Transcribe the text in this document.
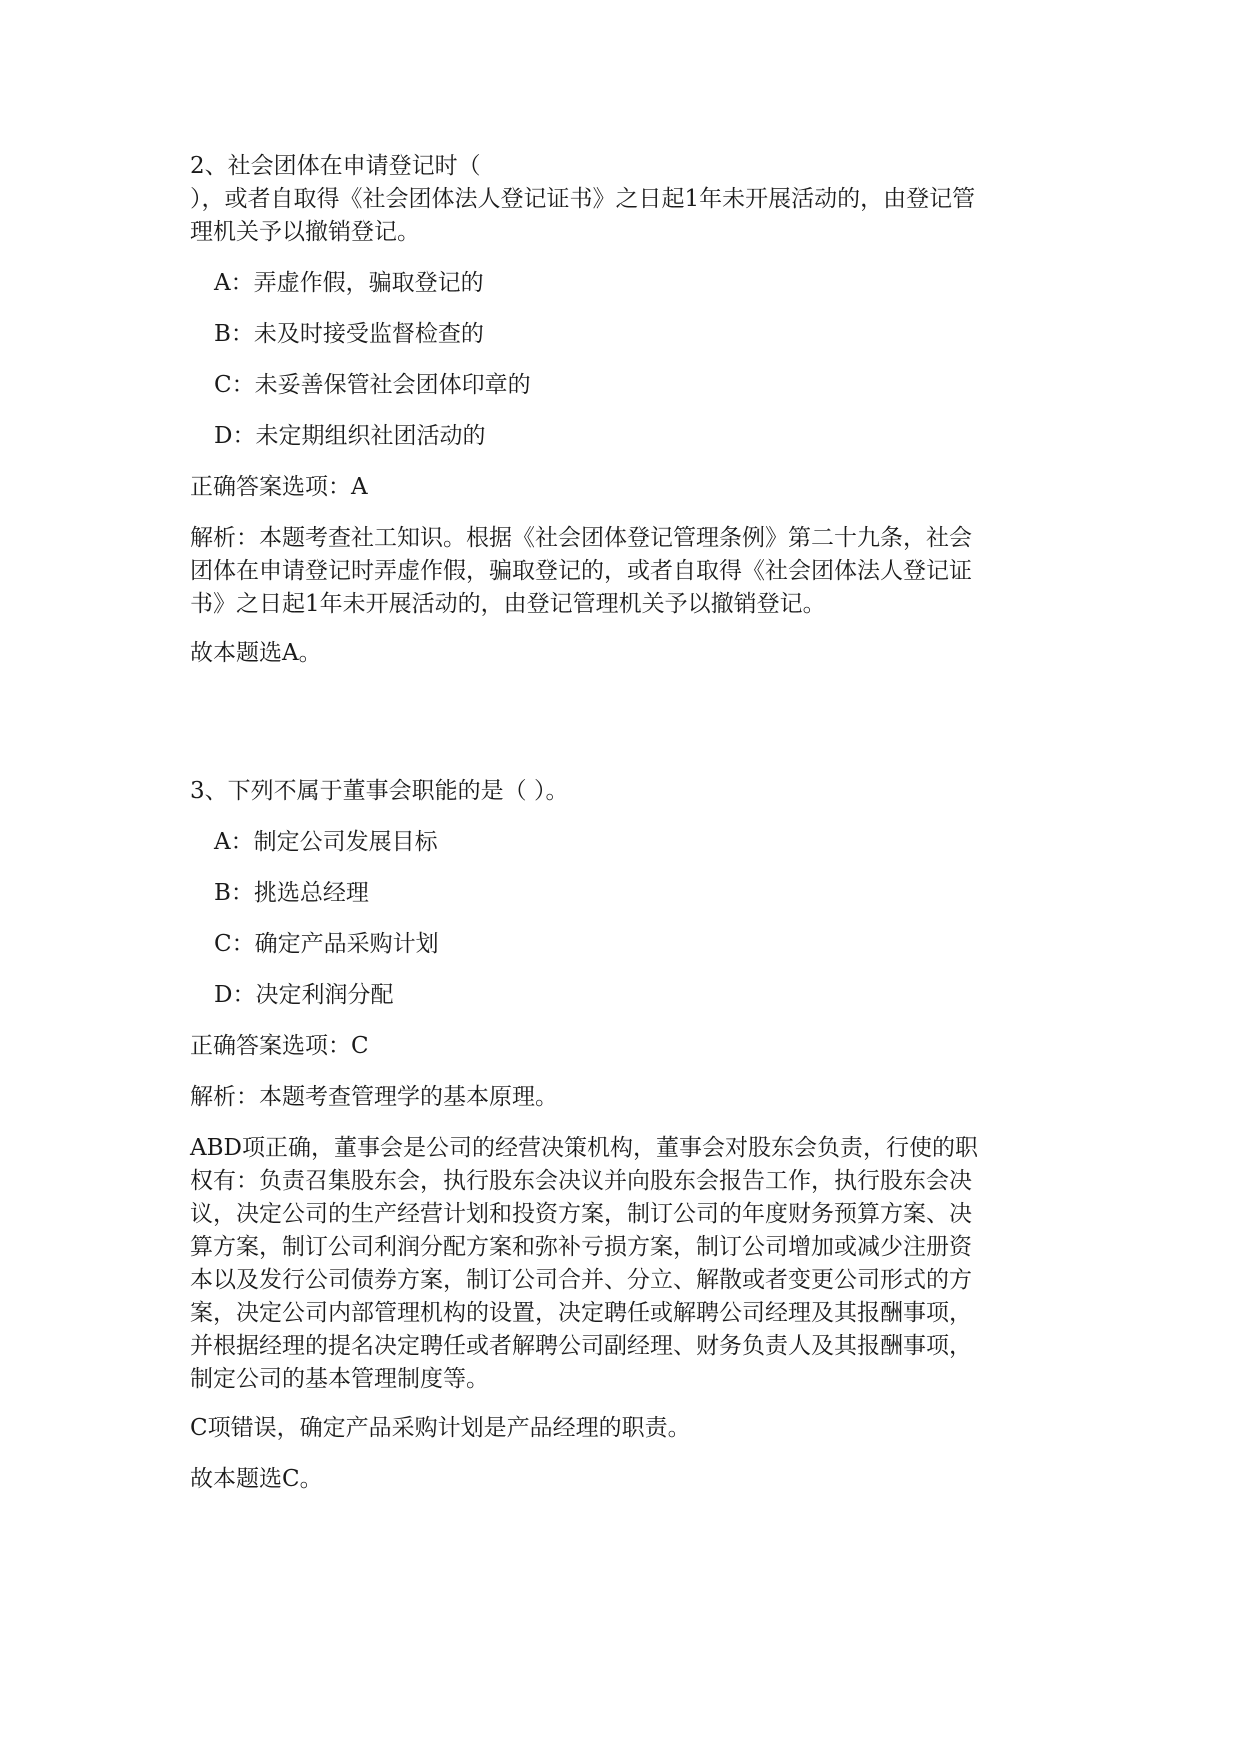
2、社会团体在申请登记时（

），或者自取得《社会团体法人登记证书》之日起1年未开展活动的，由登记管

理机关予以撤销登记。

A：弄虚作假，骗取登记的

B：未及时接受监督检查的

C：未妥善保管社会团体印章的

D：未定期组织社团活动的

正确答案选项：A

解析：本题考查社工知识。根据《社会团体登记管理条例》第二十九条，社会

团体在申请登记时弄虚作假，骗取登记的，或者自取得《社会团体法人登记证

书》之日起1年未开展活动的，由登记管理机关予以撤销登记。

故本题选A。

3、下列不属于董事会职能的是（ ）。

A：制定公司发展目标

B：挑选总经理

C：确定产品采购计划

D：决定利润分配

正确答案选项：C

解析：本题考查管理学的基本原理。

ABD项正确，董事会是公司的经营决策机构，董事会对股东会负责，行使的职

权有：负责召集股东会，执行股东会决议并向股东会报告工作，执行股东会决

议，决定公司的生产经营计划和投资方案，制订公司的年度财务预算方案、决

算方案，制订公司利润分配方案和弥补亏损方案，制订公司增加或减少注册资

本以及发行公司债券方案，制订公司合并、分立、解散或者变更公司形式的方

案，决定公司内部管理机构的设置，决定聘任或解聘公司经理及其报酬事项，

并根据经理的提名决定聘任或者解聘公司副经理、财务负责人及其报酬事项，

制定公司的基本管理制度等。

C项错误，确定产品采购计划是产品经理的职责。

故本题选C。
